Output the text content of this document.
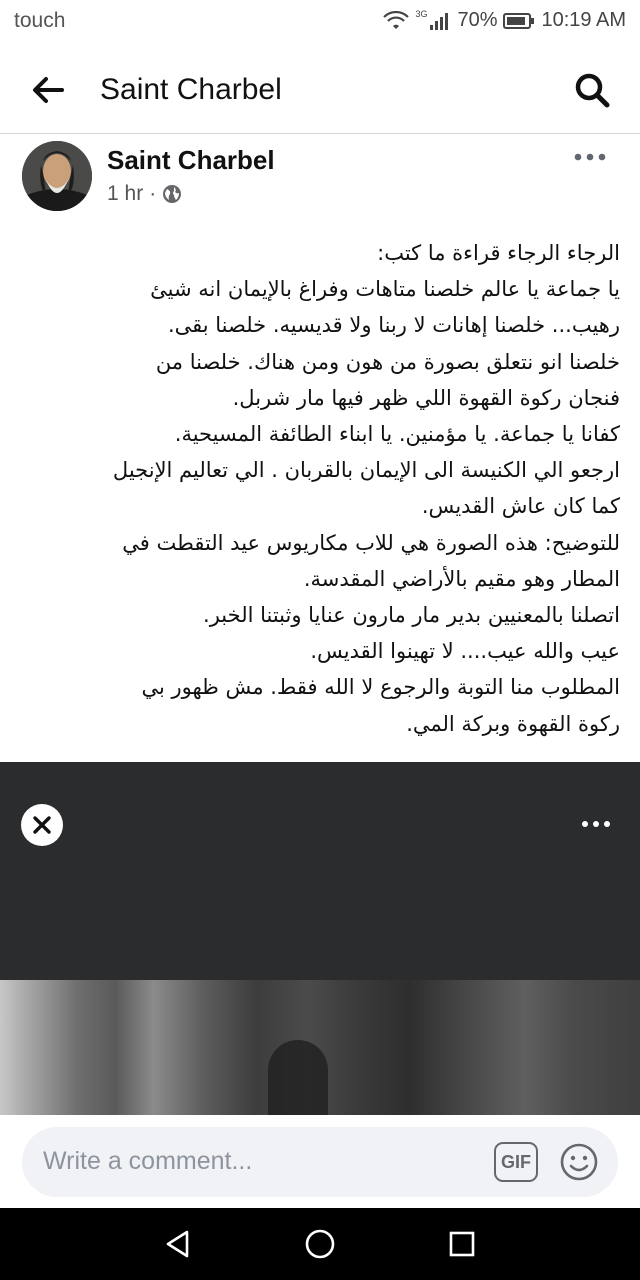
touch	3G 70% 10:19 AM
Saint Charbel
Saint Charbel
1 hr ·

الرجاء الرجاء قراءة ما كتب:

يا جماعة يا عالم خلصنا متاهات وفراغ بالإيمان انه شيئ

رهيب... خلصنا إهانات لا ربنا ولا قديسيه. خلصنا بقى.

خلصنا انو نتعلق بصورة من هون ومن هناك. خلصنا من

فنجان ركوة القهوة اللي ظهر فيها مار شربل.

كفانا يا جماعة. يا مؤمنين. يا ابناء الطائفة المسيحية.

ارجعو الي الكنيسة الى الإيمان بالقربان . الي تعاليم الإنجيل

كما كان عاش القديس.

للتوضيح: هذه الصورة هي للاب مكاريوس عيد التقطت في

المطار وهو مقيم بالأراضي المقدسة.

اتصلنا بالمعنيين بدير مار مارون عنايا وثبتنا الخبر.

عيب والله عيب.... لا تهينوا القديس.

المطلوب منا التوبة والرجوع لا الله فقط. مش ظهور بي

ركوة القهوة وبركة المي.

Write a comment...	GIF
